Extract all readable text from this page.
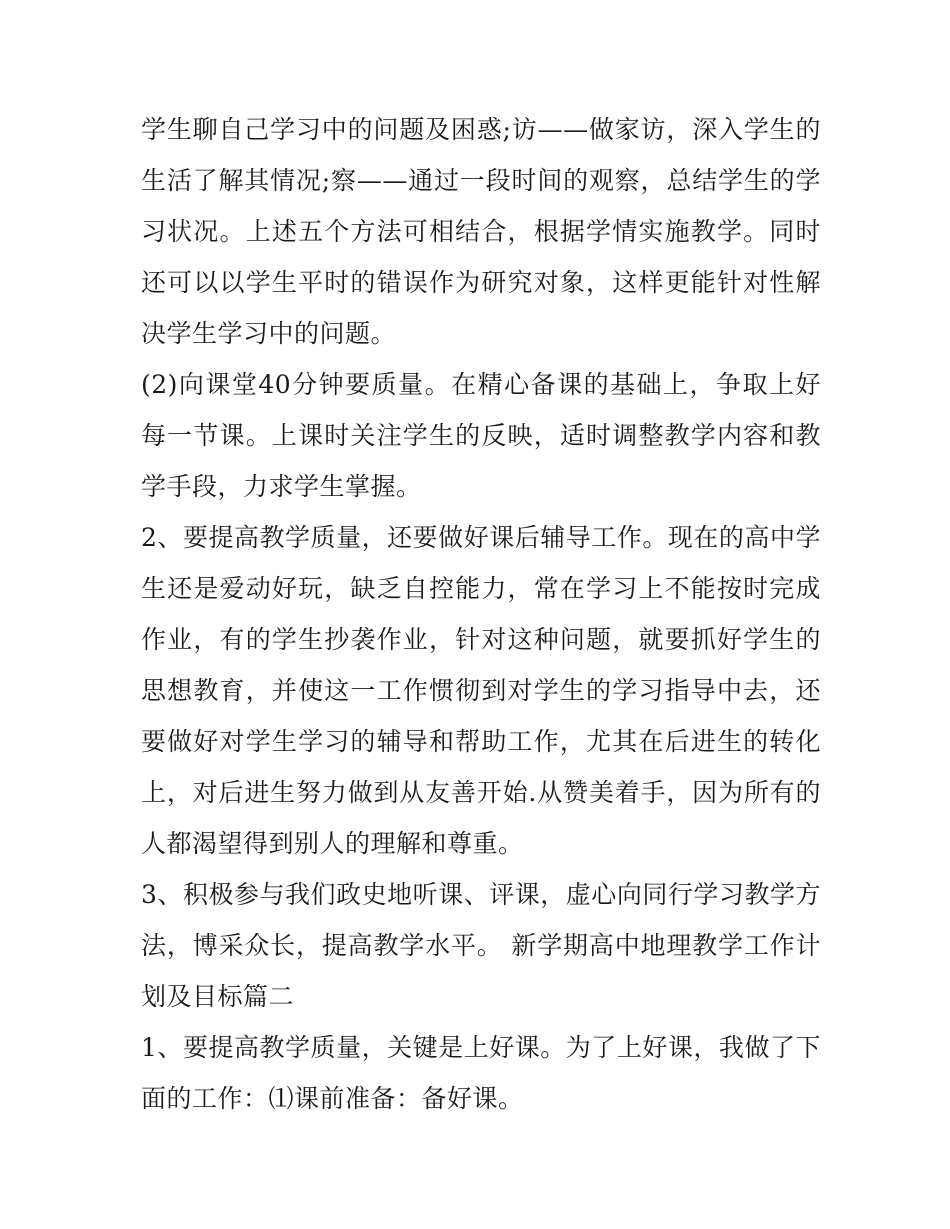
学生聊自己学习中的问题及困惑;访——做家访，深入学生的生活了解其情况;察——通过一段时间的观察，总结学生的学习状况。上述五个方法可相结合，根据学情实施教学。同时还可以以学生平时的错误作为研究对象，这样更能针对性解决学生学习中的问题。

(2)向课堂40分钟要质量。在精心备课的基础上，争取上好每一节课。上课时关注学生的反映，适时调整教学内容和教学手段，力求学生掌握。

2、要提高教学质量，还要做好课后辅导工作。现在的高中学生还是爱动好玩，缺乏自控能力，常在学习上不能按时完成作业，有的学生抄袭作业，针对这种问题，就要抓好学生的思想教育，并使这一工作惯彻到对学生的学习指导中去，还要做好对学生学习的辅导和帮助工作，尤其在后进生的转化上，对后进生努力做到从友善开始.从赞美着手，因为所有的人都渴望得到别人的理解和尊重。

3、积极参与我们政史地听课、评课，虚心向同行学习教学方法，博采众长，提高教学水平。 新学期高中地理教学工作计划及目标篇二

1、要提高教学质量，关键是上好课。为了上好课，我做了下面的工作：⑴课前准备：备好课。
